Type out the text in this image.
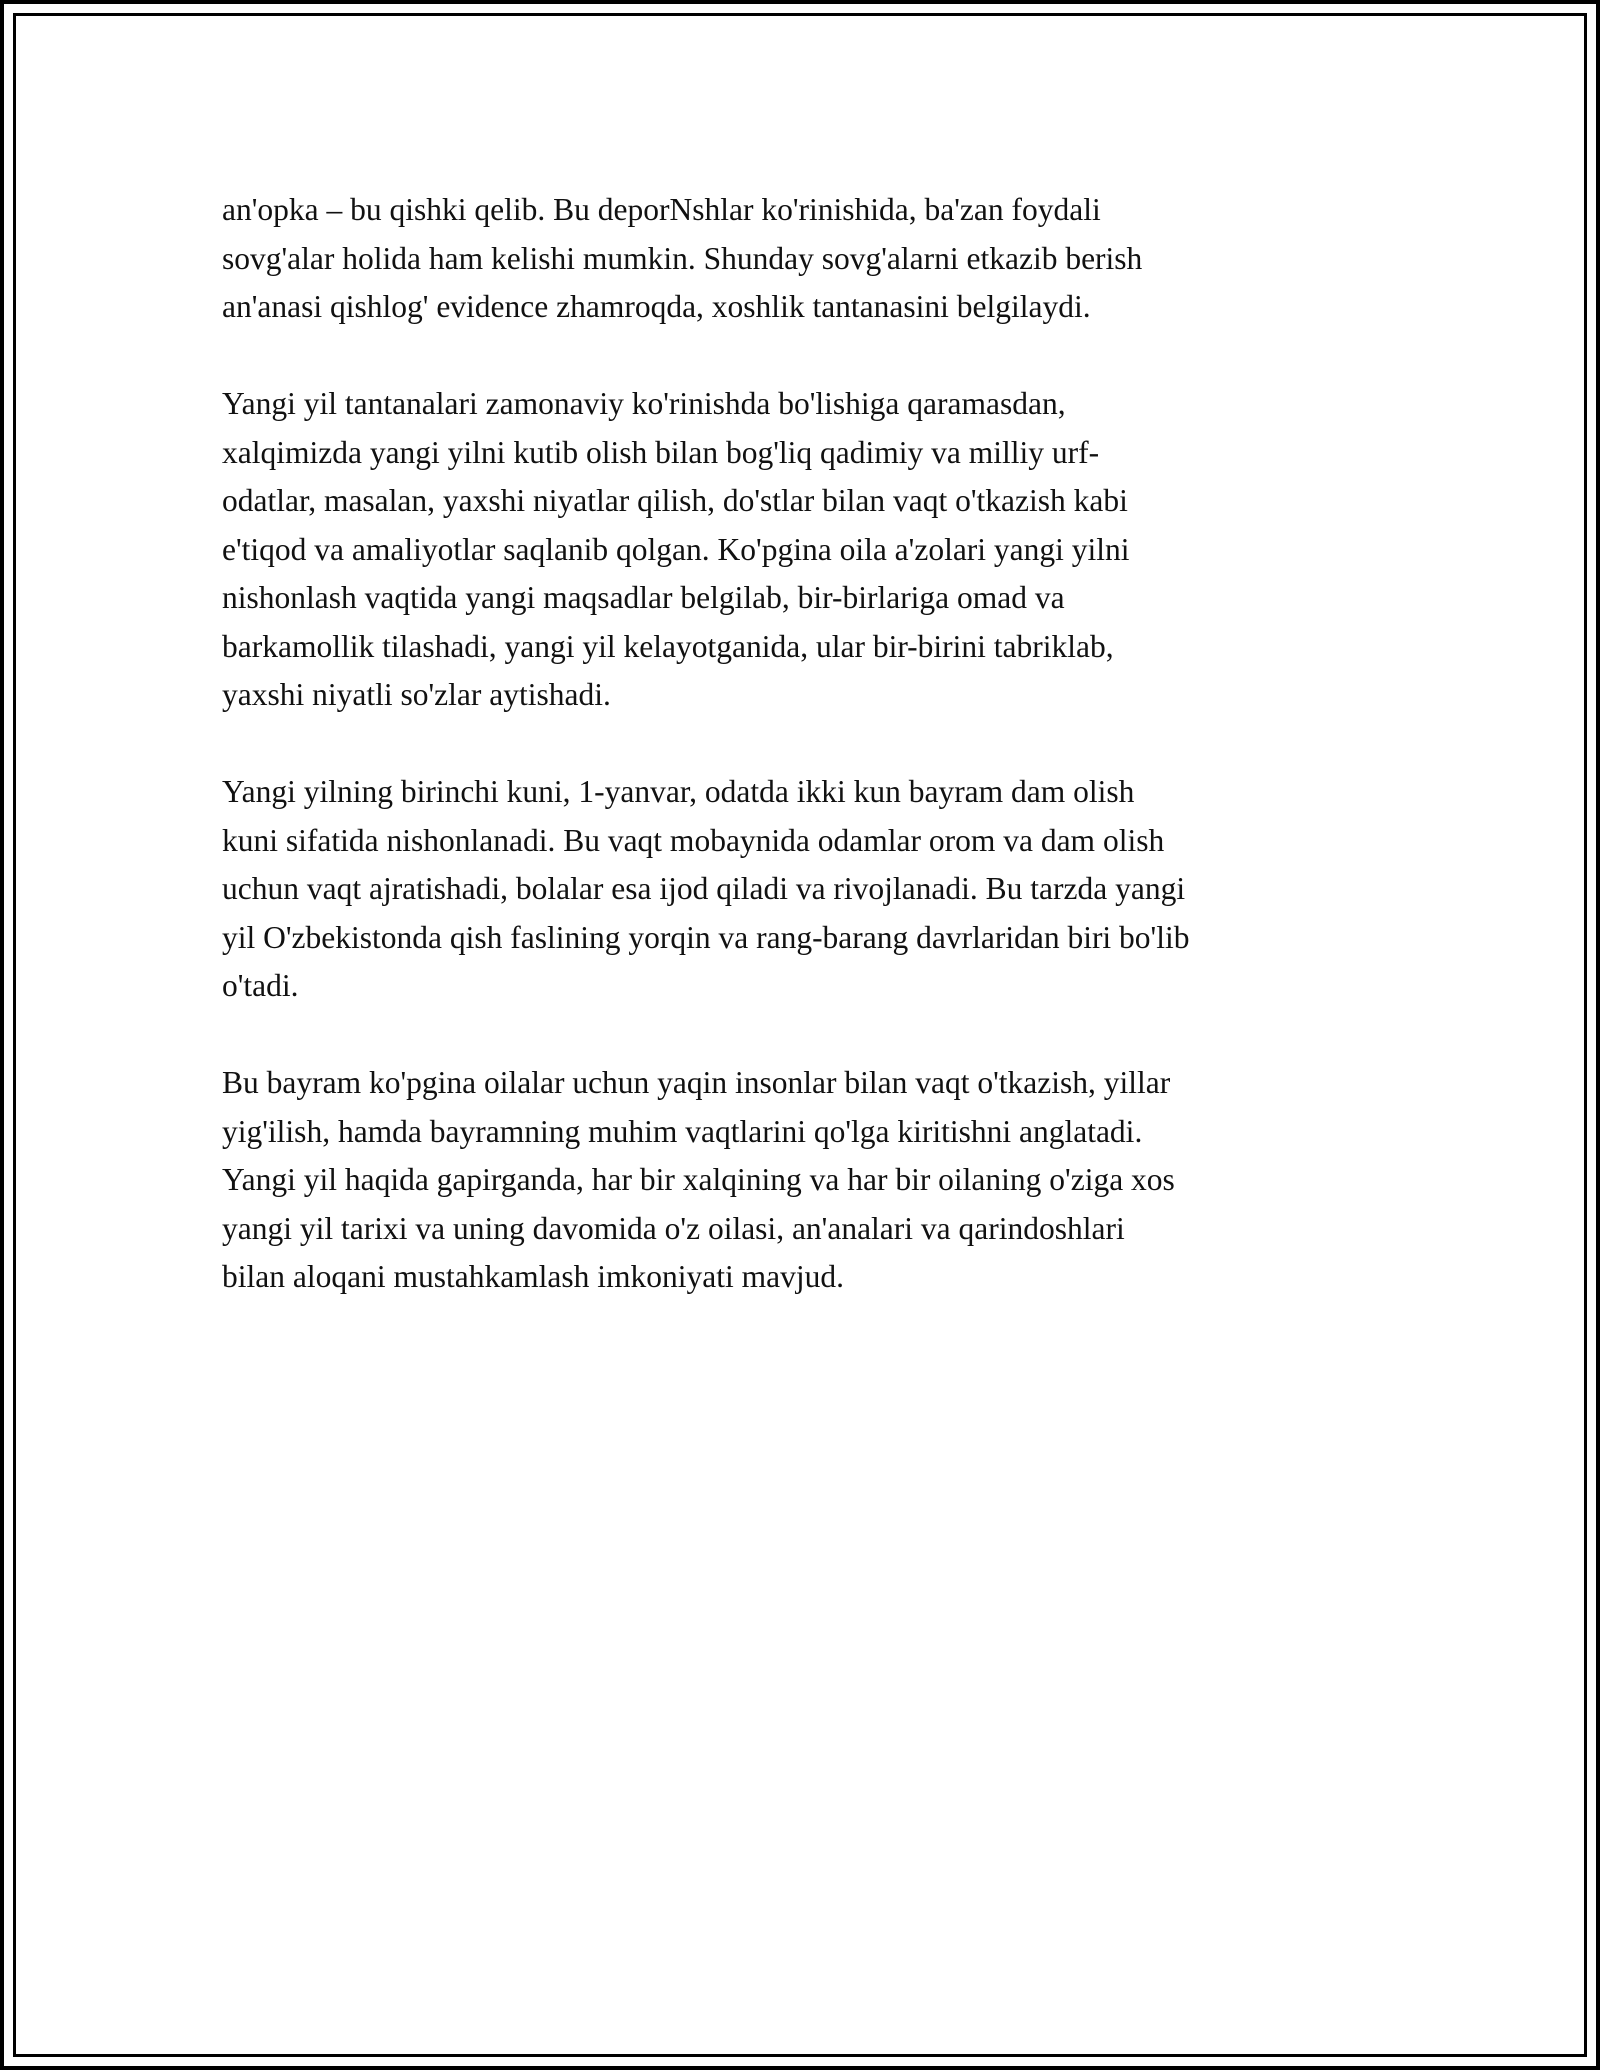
an'opka – bu qishki qelib. Bu deporNshlar ko'rinishida, ba'zan foydali
sovg'alar holida ham kelishi mumkin. Shunday sovg'alarni etkazib berish
an'anasi qishlog' evidence zhamroqda, xoshlik tantanasini belgilaydi.

Yangi yil tantanalari zamonaviy ko'rinishda bo'lishiga qaramasdan,
xalqimizda yangi yilni kutib olish bilan bog'liq qadimiy va milliy urf-
odatlar, masalan, yaxshi niyatlar qilish, do'stlar bilan vaqt o'tkazish kabi
e'tiqod va amaliyotlar saqlanib qolgan. Ko'pgina oila a'zolari yangi yilni
nishonlash vaqtida yangi maqsadlar belgilab, bir-birlariga omad va
barkamollik tilashadi, yangi yil kelayotganida, ular bir-birini tabriklab,
yaxshi niyatli so'zlar aytishadi.

Yangi yilning birinchi kuni, 1-yanvar, odatda ikki kun bayram dam olish
kuni sifatida nishonlanadi. Bu vaqt mobaynida odamlar orom va dam olish
uchun vaqt ajratishadi, bolalar esa ijod qiladi va rivojlanadi. Bu tarzda yangi
yil O'zbekistonda qish faslining yorqin va rang-barang davrlaridan biri bo'lib
o'tadi.

Bu bayram ko'pgina oilalar uchun yaqin insonlar bilan vaqt o'tkazish, yillar
yig'ilish, hamda bayramning muhim vaqtlarini qo'lga kiritishni anglatadi.
Yangi yil haqida gapirganda, har bir xalqining va har bir oilaning o'ziga xos
yangi yil tarixi va uning davomida o'z oilasi, an'analari va qarindoshlari
bilan aloqani mustahkamlash imkoniyati mavjud.
